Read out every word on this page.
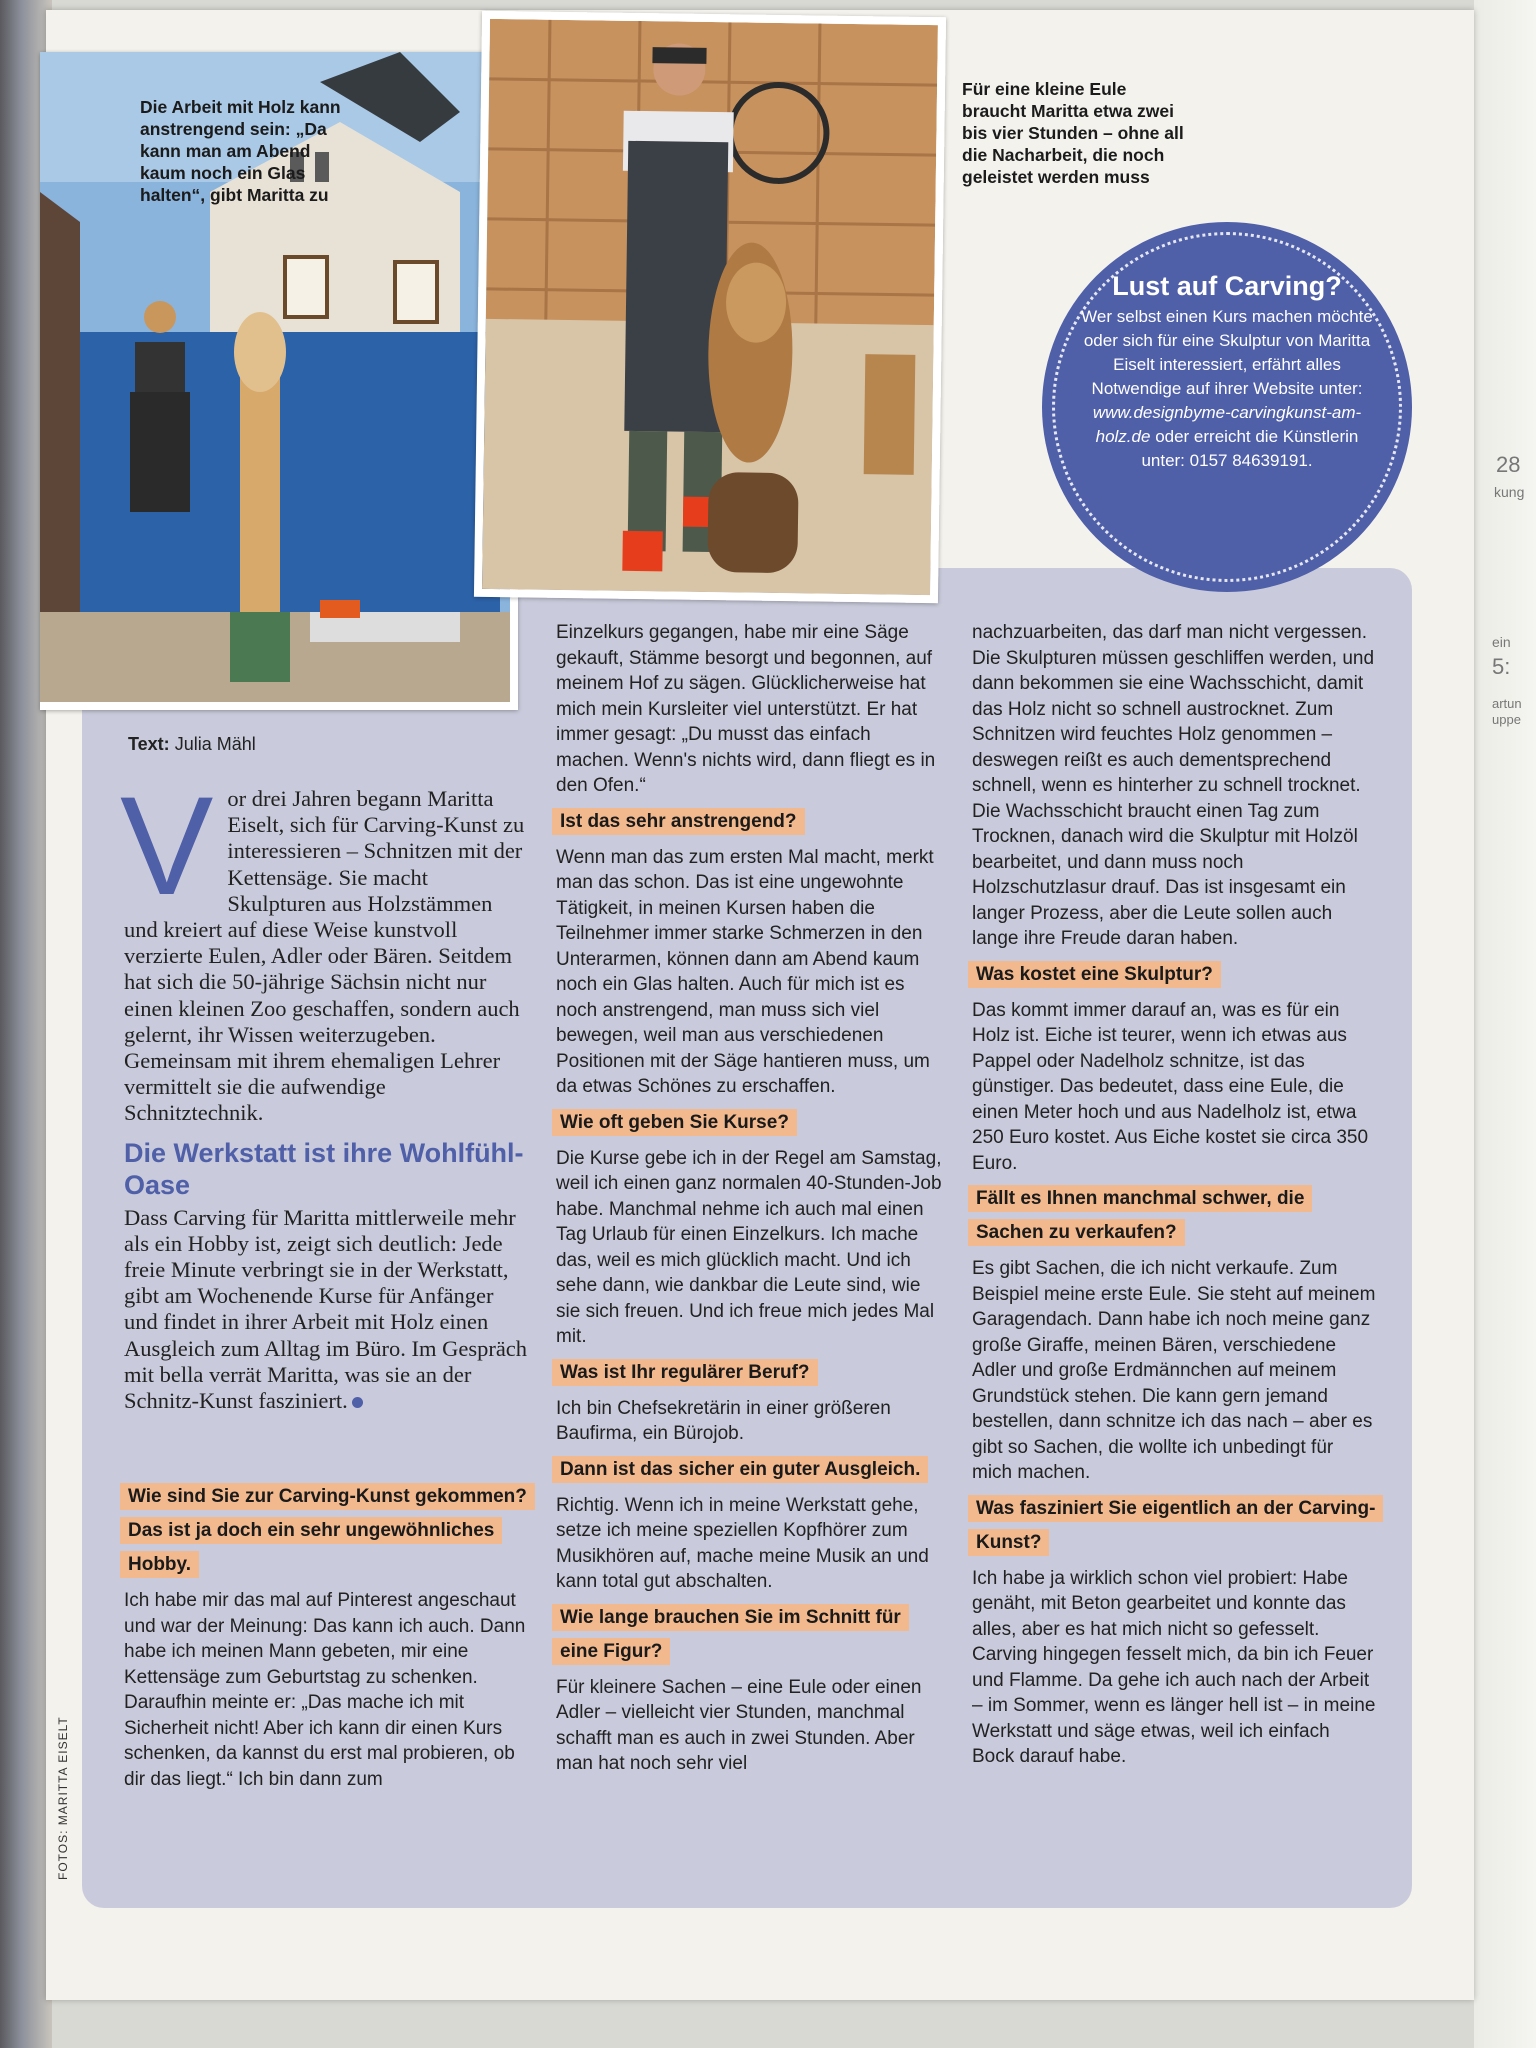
28
kung
ein
5:
artun
uppe
Die Arbeit mit Holz kann anstrengend sein: „Da kann man am Abend kaum noch ein Glas halten“, gibt Maritta zu
Für eine kleine Eule braucht Maritta etwa zwei bis vier Stunden – ohne all die Nacharbeit, die noch geleistet werden muss
Lust auf Carving?
Wer selbst einen Kurs machen möchte oder sich für eine Skulptur von Maritta Eiselt interessiert, erfährt alles Notwendige auf ihrer Website unter: www.designbyme-carvingkunst-am-holz.de oder erreicht die Künstlerin unter: 0157 84639191.
Text: Julia Mähl
Vor drei Jahren begann Maritta Eiselt, sich für Carving-Kunst zu interessieren – Schnitzen mit der Kettensäge. Sie macht Skulpturen aus Holzstämmen und kreiert auf diese Weise kunstvoll verzierte Eulen, Adler oder Bären. Seitdem hat sich die 50-jährige Sächsin nicht nur einen kleinen Zoo geschaffen, sondern auch gelernt, ihr Wissen weiterzugeben. Gemeinsam mit ihrem ehemaligen Lehrer vermittelt sie die aufwendige Schnitztechnik.
Die Werkstatt ist ihre Wohlfühl-Oase
Dass Carving für Maritta mittlerweile mehr als ein Hobby ist, zeigt sich deutlich: Jede freie Minute verbringt sie in der Werkstatt, gibt am Wochenende Kurse für Anfänger und findet in ihrer Arbeit mit Holz einen Ausgleich zum Alltag im Büro. Im Gespräch mit bella verrät Maritta, was sie an der Schnitz-Kunst fasziniert.
Wie sind Sie zur Carving-Kunst gekommen? Das ist ja doch ein sehr ungewöhnliches Hobby.

Ich habe mir das mal auf Pinterest angeschaut und war der Meinung: Das kann ich auch. Dann habe ich meinen Mann gebeten, mir eine Kettensäge zum Geburtstag zu schenken. Daraufhin meinte er: „Das mache ich mit Sicherheit nicht! Aber ich kann dir einen Kurs schenken, da kannst du erst mal probieren, ob dir das liegt.“ Ich bin dann zum

Einzelkurs gegangen, habe mir eine Säge gekauft, Stämme besorgt und begonnen, auf meinem Hof zu sägen. Glücklicherweise hat mich mein Kursleiter viel unterstützt. Er hat immer gesagt: „Du musst das einfach machen. Wenn's nichts wird, dann fliegt es in den Ofen.“

Ist das sehr anstrengend?

Wenn man das zum ersten Mal macht, merkt man das schon. Das ist eine ungewohnte Tätigkeit, in meinen Kursen haben die Teilnehmer immer starke Schmerzen in den Unterarmen, können dann am Abend kaum noch ein Glas halten. Auch für mich ist es noch anstrengend, man muss sich viel bewegen, weil man aus verschiedenen Positionen mit der Säge hantieren muss, um da etwas Schönes zu erschaffen.

Wie oft geben Sie Kurse?

Die Kurse gebe ich in der Regel am Samstag, weil ich einen ganz normalen 40-Stunden-Job habe. Manchmal nehme ich auch mal einen Tag Urlaub für einen Einzelkurs. Ich mache das, weil es mich glücklich macht. Und ich sehe dann, wie dankbar die Leute sind, wie sie sich freuen. Und ich freue mich jedes Mal mit.

Was ist Ihr regulärer Beruf?

Ich bin Chefsekretärin in einer größeren Baufirma, ein Bürojob.

Dann ist das sicher ein guter Ausgleich.

Richtig. Wenn ich in meine Werkstatt gehe, setze ich meine speziellen Kopfhörer zum Musikhören auf, mache meine Musik an und kann total gut abschalten.

Wie lange brauchen Sie im Schnitt für eine Figur?

Für kleinere Sachen – eine Eule oder einen Adler – vielleicht vier Stunden, manchmal schafft man es auch in zwei Stunden. Aber man hat noch sehr viel

nachzuarbeiten, das darf man nicht vergessen. Die Skulpturen müssen geschliffen werden, und dann bekommen sie eine Wachsschicht, damit das Holz nicht so schnell austrocknet. Zum Schnitzen wird feuchtes Holz genommen – deswegen reißt es auch dementsprechend schnell, wenn es hinterher zu schnell trocknet. Die Wachsschicht braucht einen Tag zum Trocknen, danach wird die Skulptur mit Holzöl bearbeitet, und dann muss noch Holzschutzlasur drauf. Das ist insgesamt ein langer Prozess, aber die Leute sollen auch lange ihre Freude daran haben.

Was kostet eine Skulptur?

Das kommt immer darauf an, was es für ein Holz ist. Eiche ist teurer, wenn ich etwas aus Pappel oder Nadelholz schnitze, ist das günstiger. Das bedeutet, dass eine Eule, die einen Meter hoch und aus Nadelholz ist, etwa 250 Euro kostet. Aus Eiche kostet sie circa 350 Euro.

Fällt es Ihnen manchmal schwer, die Sachen zu verkaufen?

Es gibt Sachen, die ich nicht verkaufe. Zum Beispiel meine erste Eule. Sie steht auf meinem Garagendach. Dann habe ich noch meine ganz große Giraffe, meinen Bären, verschiedene Adler und große Erdmännchen auf meinem Grundstück stehen. Die kann gern jemand bestellen, dann schnitze ich das nach – aber es gibt so Sachen, die wollte ich unbedingt für mich machen.

Was fasziniert Sie eigentlich an der Carving-Kunst?

Ich habe ja wirklich schon viel probiert: Habe genäht, mit Beton gearbeitet und konnte das alles, aber es hat mich nicht so gefesselt. Carving hingegen fesselt mich, da bin ich Feuer und Flamme. Da gehe ich auch nach der Arbeit – im Sommer, wenn es länger hell ist – in meine Werkstatt und säge etwas, weil ich einfach Bock darauf habe.

FOTOS: MARITTA EISELT
